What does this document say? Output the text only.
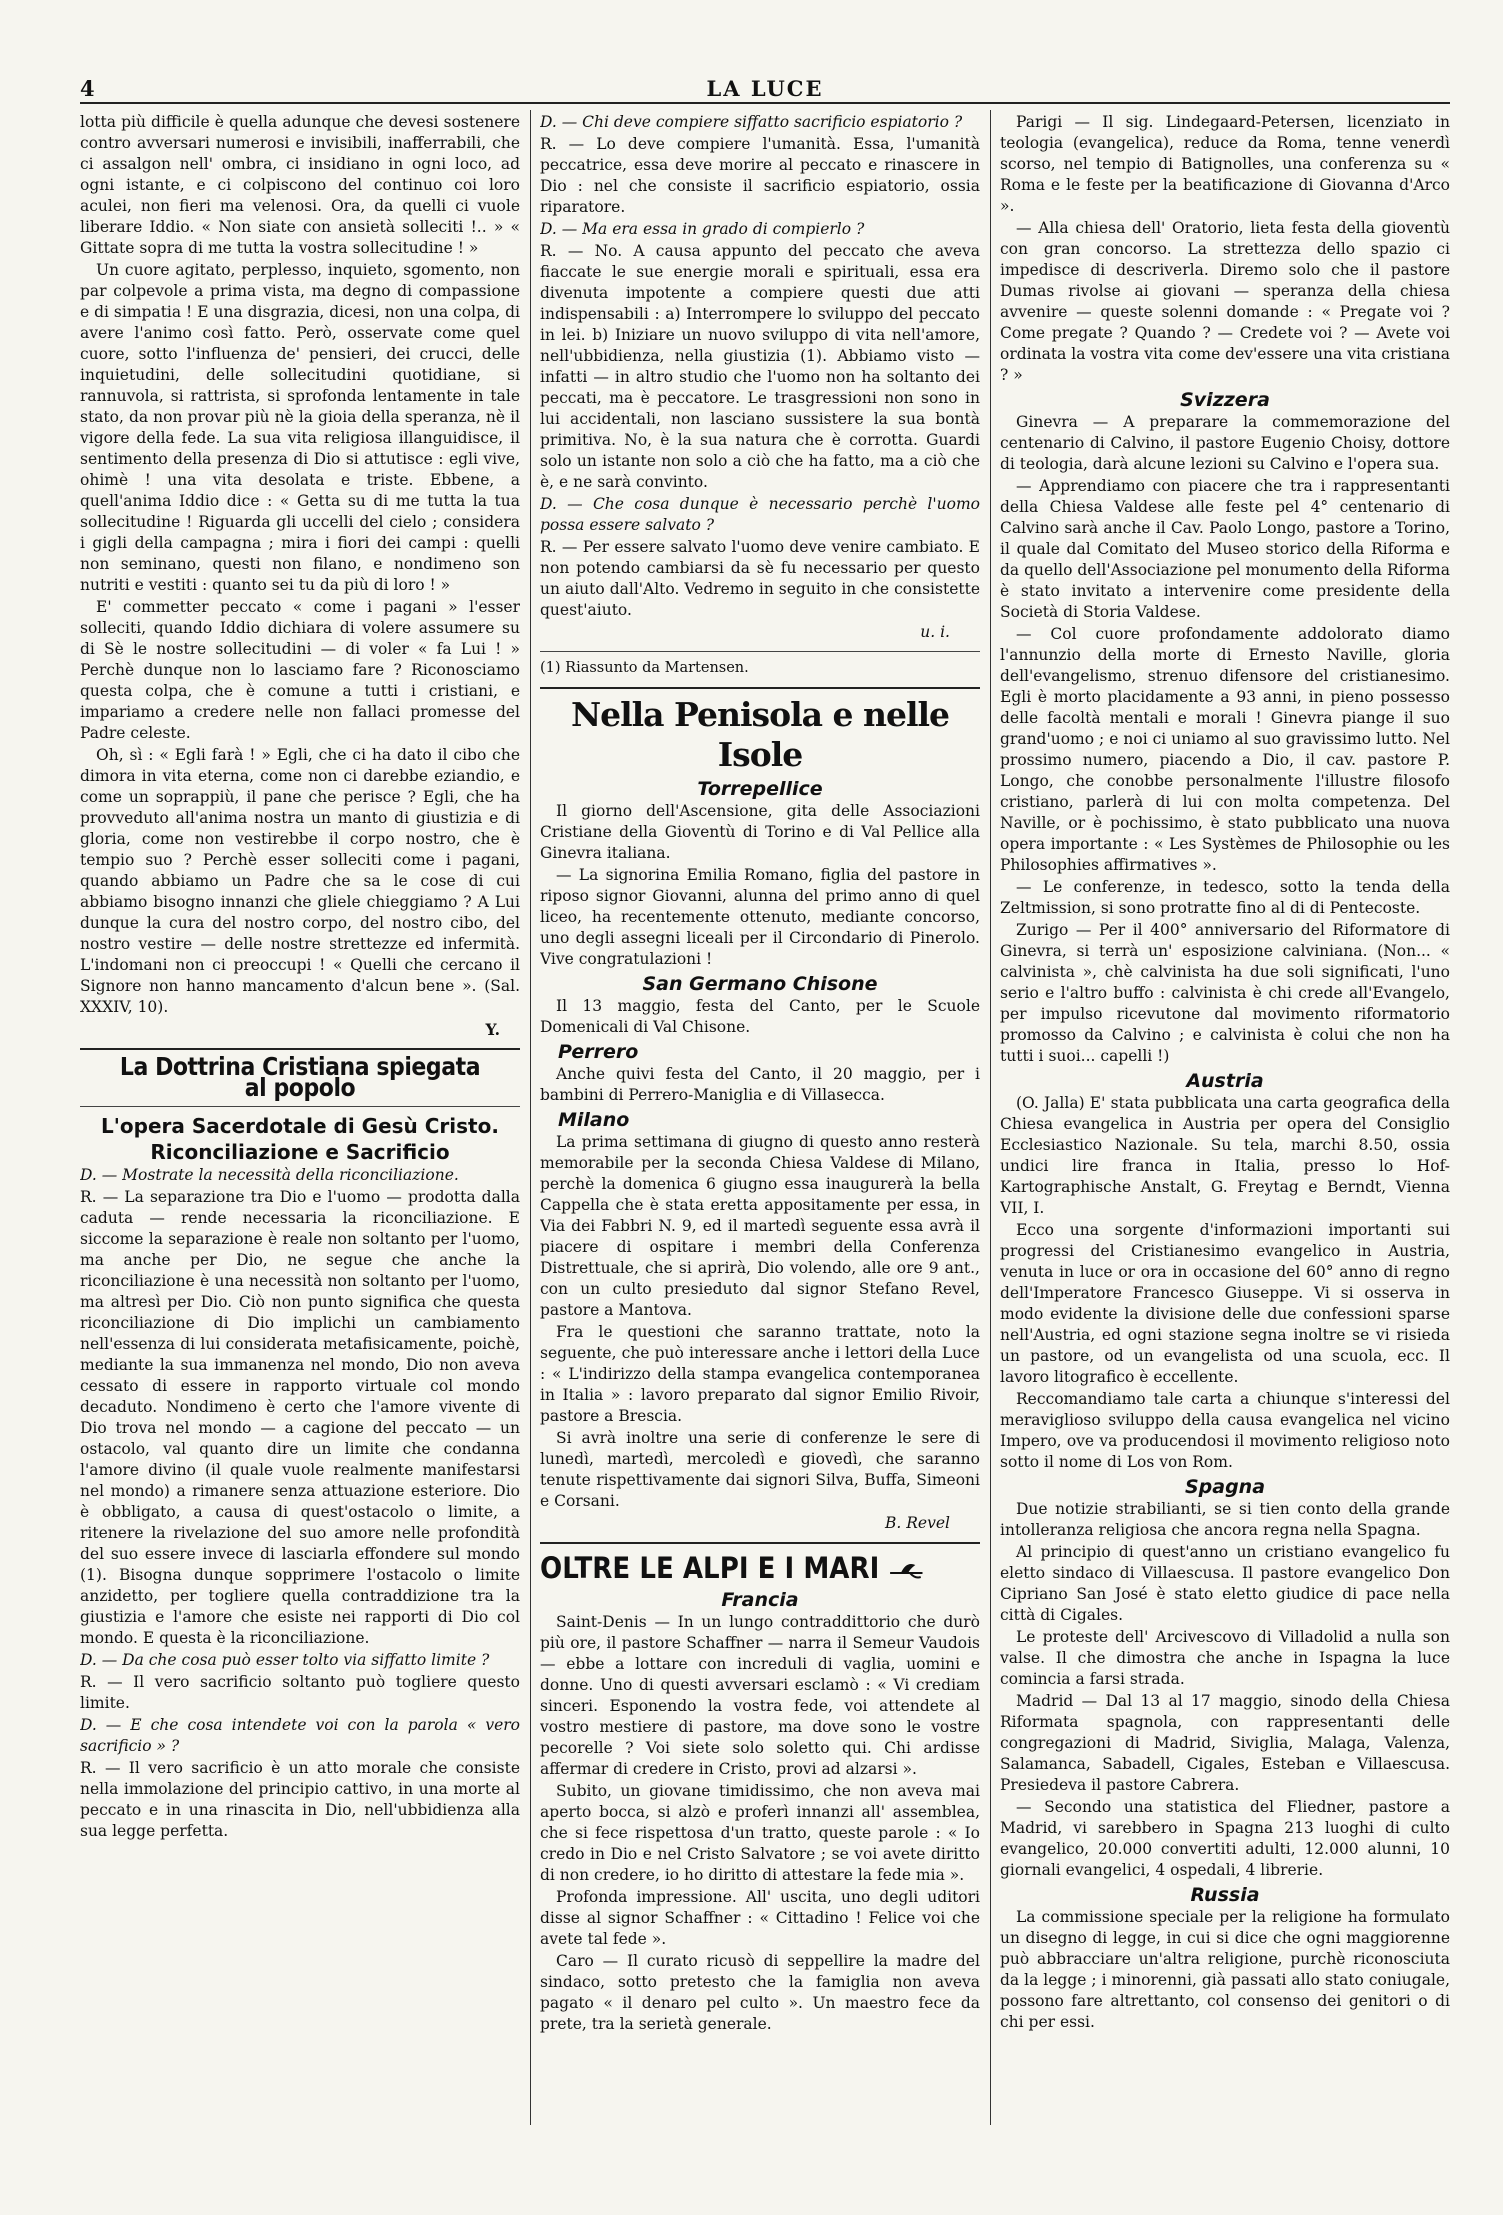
4	LA LUCE

lotta più difficile è quella adunque che devesi sostenere contro avversari numerosi e invisibili, inafferrabili, che ci assalgon nell' ombra, ci insidiano in ogni loco, ad ogni istante, e ci colpiscono del continuo coi loro aculei, non fieri ma velenosi. Ora, da quelli ci vuole liberare Iddio. « Non siate con ansietà solleciti !.. » « Gittate sopra di me tutta la vostra sollecitudine ! »

Un cuore agitato, perplesso, inquieto, sgomento, non par colpevole a prima vista, ma degno di compassione e di simpatia ! E una disgrazia, dicesi, non una colpa, di avere l'animo così fatto. Però, osservate come quel cuore, sotto l'influenza de' pensieri, dei crucci, delle inquietudini, delle sollecitudini quotidiane, si rannuvola, si rattrista, si sprofonda lentamente in tale stato, da non provar più nè la gioia della speranza, nè il vigore della fede. La sua vita religiosa illanguidisce, il sentimento della presenza di Dio si attutisce : egli vive, ohimè ! una vita desolata e triste. Ebbene, a quell'anima Iddio dice : « Getta su di me tutta la tua sollecitudine ! Riguarda gli uccelli del cielo ; considera i gigli della campagna ; mira i fiori dei campi : quelli non seminano, questi non filano, e nondimeno son nutriti e vestiti : quanto sei tu da più di loro ! »

E' commetter peccato « come i pagani » l'esser solleciti, quando Iddio dichiara di volere assumere su di Sè le nostre sollecitudini — di voler « fa Lui ! » Perchè dunque non lo lasciamo fare ? Riconosciamo questa colpa, che è comune a tutti i cristiani, e impariamo a credere nelle non fallaci promesse del Padre celeste.

Oh, sì : « Egli farà ! » Egli, che ci ha dato il cibo che dimora in vita eterna, come non ci darebbe eziandio, e come un soprappiù, il pane che perisce ? Egli, che ha provveduto all'anima nostra un manto di giustizia e di gloria, come non vestirebbe il corpo nostro, che è tempio suo ? Perchè esser solleciti come i pagani, quando abbiamo un Padre che sa le cose di cui abbiamo bisogno innanzi che gliele chieggiamo ? A Lui dunque la cura del nostro corpo, del nostro cibo, del nostro vestire — delle nostre strettezze ed infermità. L'indomani non ci preoccupi ! « Quelli che cercano il Signore non hanno mancamento d'alcun bene ». (Sal. XXXIV, 10).

Y.
La Dottrina Cristiana spiegata al popolo
L'opera Sacerdotale di Gesù Cristo.
Riconciliazione e Sacrificio

D. — Mostrate la necessità della riconciliazione.

R. — La separazione tra Dio e l'uomo — prodotta dalla caduta — rende necessaria la riconciliazione. E siccome la separazione è reale non soltanto per l'uomo, ma anche per Dio, ne segue che anche la riconciliazione è una necessità non soltanto per l'uomo, ma altresì per Dio. Ciò non punto significa che questa riconciliazione di Dio implichi un cambiamento nell'essenza di lui considerata metafisicamente, poichè, mediante la sua immanenza nel mondo, Dio non aveva cessato di essere in rapporto virtuale col mondo decaduto. Nondimeno è certo che l'amore vivente di Dio trova nel mondo — a cagione del peccato — un ostacolo, val quanto dire un limite che condanna l'amore divino (il quale vuole realmente manifestarsi nel mondo) a rimanere senza attuazione esteriore. Dio è obbligato, a causa di quest'ostacolo o limite, a ritenere la rivelazione del suo amore nelle profondità del suo essere invece di lasciarla effondere sul mondo (1). Bisogna dunque sopprimere l'ostacolo o limite anzidetto, per togliere quella contraddizione tra la giustizia e l'amore che esiste nei rapporti di Dio col mondo. E questa è la riconciliazione.

D. — Da che cosa può esser tolto via siffatto limite ?

R. — Il vero sacrificio soltanto può togliere questo limite.

D. — E che cosa intendete voi con la parola « vero sacrificio » ?

R. — Il vero sacrificio è un atto morale che consiste nella immolazione del principio cattivo, in una morte al peccato e in una rinascita in Dio, nell'ubbidienza alla sua legge perfetta.

D. — Chi deve compiere siffatto sacrificio espiatorio ?

R. — Lo deve compiere l'umanità. Essa, l'umanità peccatrice, essa deve morire al peccato e rinascere in Dio : nel che consiste il sacrificio espiatorio, ossia riparatore.

D. — Ma era essa in grado di compierlo ?

R. — No. A causa appunto del peccato che aveva fiaccate le sue energie morali e spirituali, essa era divenuta impotente a compiere questi due atti indispensabili : a) Interrompere lo sviluppo del peccato in lei. b) Iniziare un nuovo sviluppo di vita nell'amore, nell'ubbidienza, nella giustizia (1). Abbiamo visto — infatti — in altro studio che l'uomo non ha soltanto dei peccati, ma è peccatore. Le trasgressioni non sono in lui accidentali, non lasciano sussistere la sua bontà primitiva. No, è la sua natura che è corrotta. Guardi solo un istante non solo a ciò che ha fatto, ma a ciò che è, e ne sarà convinto.

D. — Che cosa dunque è necessario perchè l'uomo possa essere salvato ?

R. — Per essere salvato l'uomo deve venire cambiato. E non potendo cambiarsi da sè fu necessario per questo un aiuto dall'Alto. Vedremo in seguito in che consistette quest'aiuto.

u. i.

(1) Riassunto da Martensen.

Nella Penisola e nelle Isole
Torrepellice

Il giorno dell'Ascensione, gita delle Associazioni Cristiane della Gioventù di Torino e di Val Pellice alla Ginevra italiana.

— La signorina Emilia Romano, figlia del pastore in riposo signor Giovanni, alunna del primo anno di quel liceo, ha recentemente ottenuto, mediante concorso, uno degli assegni liceali per il Circondario di Pinerolo. Vive congratulazioni !

San Germano Chisone

Il 13 maggio, festa del Canto, per le Scuole Domenicali di Val Chisone.

Perrero

Anche quivi festa del Canto, il 20 maggio, per i bambini di Perrero-Maniglia e di Villasecca.

Milano

La prima settimana di giugno di questo anno resterà memorabile per la seconda Chiesa Valdese di Milano, perchè la domenica 6 giugno essa inaugurerà la bella Cappella che è stata eretta appositamente per essa, in Via dei Fabbri N. 9, ed il martedì seguente essa avrà il piacere di ospitare i membri della Conferenza Distrettuale, che si aprirà, Dio volendo, alle ore 9 ant., con un culto presieduto dal signor Stefano Revel, pastore a Mantova.

Fra le questioni che saranno trattate, noto la seguente, che può interessare anche i lettori della Luce : « L'indirizzo della stampa evangelica contemporanea in Italia » : lavoro preparato dal signor Emilio Rivoir, pastore a Brescia.

Si avrà inoltre una serie di conferenze le sere di lunedì, martedì, mercoledì e giovedì, che saranno tenute rispettivamente dai signori Silva, Buffa, Simeoni e Corsani.

B. Revel
OLTRE LE ALPI E I MARI
Francia

Saint-Denis — In un lungo contraddittorio che durò più ore, il pastore Schaffner — narra il Semeur Vaudois — ebbe a lottare con increduli di vaglia, uomini e donne. Uno di questi avversari esclamò : « Vi crediam sinceri. Esponendo la vostra fede, voi attendete al vostro mestiere di pastore, ma dove sono le vostre pecorelle ? Voi siete solo soletto qui. Chi ardisse affermar di credere in Cristo, provi ad alzarsi ».

Subito, un giovane timidissimo, che non aveva mai aperto bocca, si alzò e proferì innanzi all' assemblea, che si fece rispettosa d'un tratto, queste parole : « Io credo in Dio e nel Cristo Salvatore ; se voi avete diritto di non credere, io ho diritto di attestare la fede mia ».

Profonda impressione. All' uscita, uno degli uditori disse al signor Schaffner : « Cittadino ! Felice voi che avete tal fede ».

Caro — Il curato ricusò di seppellire la madre del sindaco, sotto pretesto che la famiglia non aveva pagato « il denaro pel culto ». Un maestro fece da prete, tra la serietà generale.

Parigi — Il sig. Lindegaard-Petersen, licenziato in teologia (evangelica), reduce da Roma, tenne venerdì scorso, nel tempio di Batignolles, una conferenza su « Roma e le feste per la beatificazione di Giovanna d'Arco ».

— Alla chiesa dell' Oratorio, lieta festa della gioventù con gran concorso. La strettezza dello spazio ci impedisce di descriverla. Diremo solo che il pastore Dumas rivolse ai giovani — speranza della chiesa avvenire — queste solenni domande : « Pregate voi ? Come pregate ? Quando ? — Credete voi ? — Avete voi ordinata la vostra vita come dev'essere una vita cristiana ? »

Svizzera

Ginevra — A preparare la commemorazione del centenario di Calvino, il pastore Eugenio Choisy, dottore di teologia, darà alcune lezioni su Calvino e l'opera sua.

— Apprendiamo con piacere che tra i rappresentanti della Chiesa Valdese alle feste pel 4° centenario di Calvino sarà anche il Cav. Paolo Longo, pastore a Torino, il quale dal Comitato del Museo storico della Riforma e da quello dell'Associazione pel monumento della Riforma è stato invitato a intervenire come presidente della Società di Storia Valdese.

— Col cuore profondamente addolorato diamo l'annunzio della morte di Ernesto Naville, gloria dell'evangelismo, strenuo difensore del cristianesimo. Egli è morto placidamente a 93 anni, in pieno possesso delle facoltà mentali e morali ! Ginevra piange il suo grand'uomo ; e noi ci uniamo al suo gravissimo lutto. Nel prossimo numero, piacendo a Dio, il cav. pastore P. Longo, che conobbe personalmente l'illustre filosofo cristiano, parlerà di lui con molta competenza. Del Naville, or è pochissimo, è stato pubblicato una nuova opera importante : « Les Systèmes de Philosophie ou les Philosophies affirmatives ».

— Le conferenze, in tedesco, sotto la tenda della Zeltmission, si sono protratte fino al di di Pentecoste.

Zurigo — Per il 400° anniversario del Riformatore di Ginevra, si terrà un' esposizione calviniana. (Non... « calvinista », chè calvinista ha due soli significati, l'uno serio e l'altro buffo : calvinista è chi crede all'Evangelo, per impulso ricevutone dal movimento riformatorio promosso da Calvino ; e calvinista è colui che non ha tutti i suoi... capelli !)

Austria

(O. Jalla) E' stata pubblicata una carta geografica della Chiesa evangelica in Austria per opera del Consiglio Ecclesiastico Nazionale. Su tela, marchi 8.50, ossia undici lire franca in Italia, presso lo Hof-Kartographische Anstalt, G. Freytag e Berndt, Vienna VII, I.

Ecco una sorgente d'informazioni importanti sui progressi del Cristianesimo evangelico in Austria, venuta in luce or ora in occasione del 60° anno di regno dell'Imperatore Francesco Giuseppe. Vi si osserva in modo evidente la divisione delle due confessioni sparse nell'Austria, ed ogni stazione segna inoltre se vi risieda un pastore, od un evangelista od una scuola, ecc. Il lavoro litografico è eccellente.

Reccomandiamo tale carta a chiunque s'interessi del meraviglioso sviluppo della causa evangelica nel vicino Impero, ove va producendosi il movimento religioso noto sotto il nome di Los von Rom.

Spagna

Due notizie strabilianti, se si tien conto della grande intolleranza religiosa che ancora regna nella Spagna.

Al principio di quest'anno un cristiano evangelico fu eletto sindaco di Villaescusa. Il pastore evangelico Don Cipriano San José è stato eletto giudice di pace nella città di Cigales.

Le proteste dell' Arcivescovo di Villadolid a nulla son valse. Il che dimostra che anche in Ispagna la luce comincia a farsi strada.

Madrid — Dal 13 al 17 maggio, sinodo della Chiesa Riformata spagnola, con rappresentanti delle congregazioni di Madrid, Siviglia, Malaga, Valenza, Salamanca, Sabadell, Cigales, Esteban e Villaescusa. Presiedeva il pastore Cabrera.

— Secondo una statistica del Fliedner, pastore a Madrid, vi sarebbero in Spagna 213 luoghi di culto evangelico, 20.000 convertiti adulti, 12.000 alunni, 10 giornali evangelici, 4 ospedali, 4 librerie.

Russia

La commissione speciale per la religione ha formulato un disegno di legge, in cui si dice che ogni maggiorenne può abbracciare un'altra religione, purchè riconosciuta da la legge ; i minorenni, già passati allo stato coniugale, possono fare altrettanto, col consenso dei genitori o di chi per essi.
